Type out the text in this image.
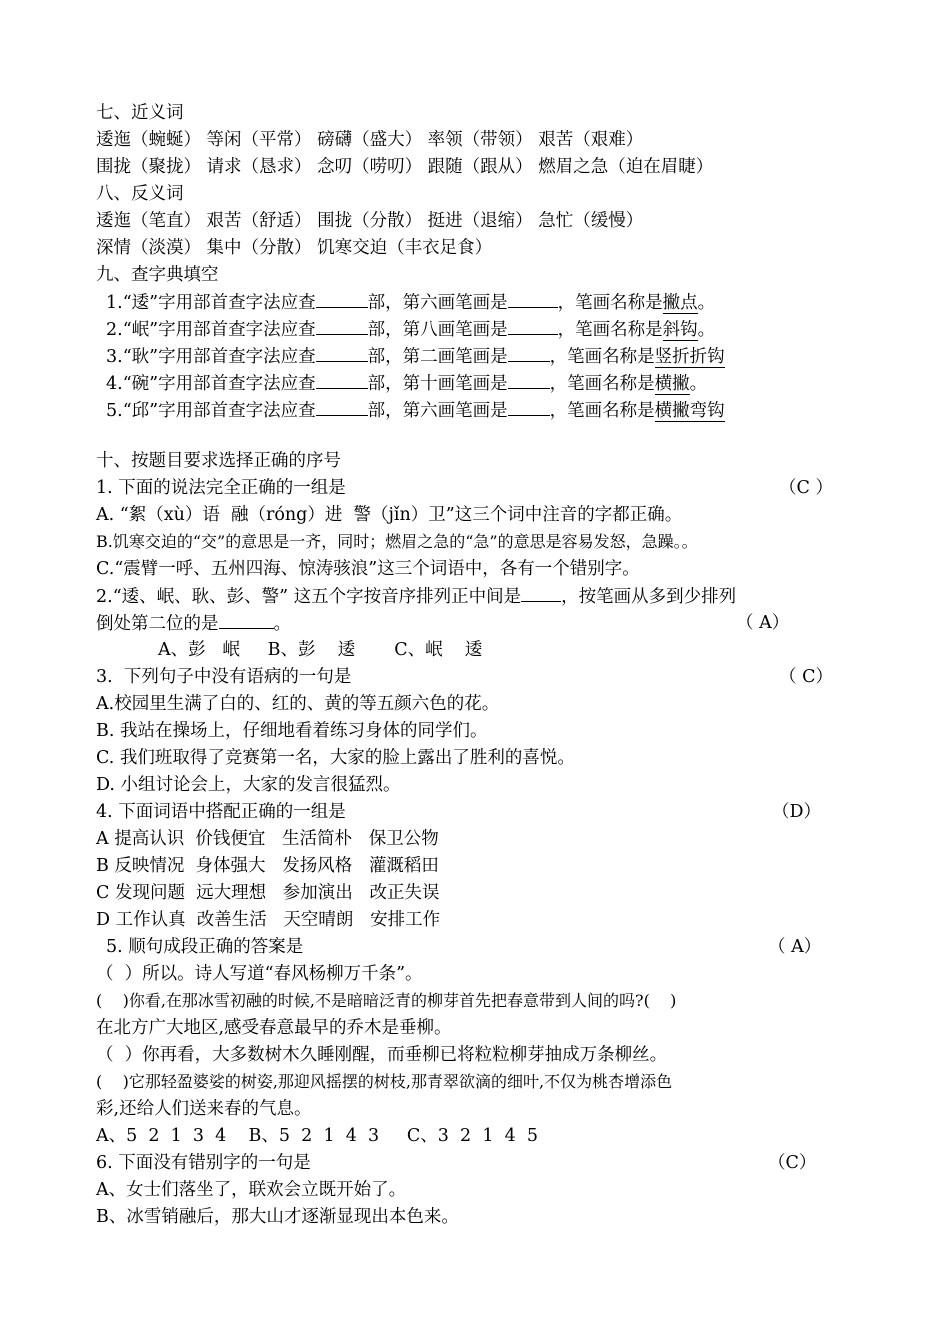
七、近义词
逶迤（蜿蜒） 等闲（平常） 磅礴（盛大） 率领（带领） 艰苦（艰难）
围拢（聚拢） 请求（恳求） 念叨（唠叨） 跟随（跟从） 燃眉之急（迫在眉睫）
八、反义词
逶迤（笔直） 艰苦（舒适） 围拢（分散） 挺进（退缩） 急忙（缓慢）
深情（淡漠） 集中（分散） 饥寒交迫（丰衣足食）
九、查字典填空
1.“逶”字用部首查字法应查	部，第六画笔画是	，笔画名称是撇点。
2.“岷”字用部首查字法应查	部，第八画笔画是	，笔画名称是斜钩。
3.“耿”字用部首查字法应查	部，第二画笔画是 ，笔画名称是竖折折钩
4.“碗”字用部首查字法应查	部，第十画笔画是 ，笔画名称是横撇。
5.“邱”字用部首查字法应查	部，第六画笔画是 ，笔画名称是横撇弯钩
十、按题目要求选择正确的序号
1. 下面的说法完全正确的一组是	（C ）
A. “絮（xù）语  融（róng）进  警（jǐn）卫”这三个词中注音的字都正确。
B.饥寒交迫的“交”的意思是一齐，同时；燃眉之急的“急”的意思是容易发怒，急躁。。
C.“震臂一呼、五州四海、惊涛骇浪”这三个词语中，各有一个错别字。
2.“逶、岷、耿、彭、警” 这五个字按音序排列正中间是 ，按笔画从多到少排列
倒处第二位的是	。	（ A）
A、彭   岷     B、彭    逶       C、岷    逶
3.  下列句子中没有语病的一句是	（ C）
A.校园里生满了白的、红的、黄的等五颜六色的花。
B. 我站在操场上，仔细地看着练习身体的同学们。
C. 我们班取得了竞赛第一名，大家的脸上露出了胜利的喜悦。
D. 小组讨论会上，大家的发言很猛烈。
4. 下面词语中搭配正确的一组是	（D）
A 提高认识  价钱便宜   生活简朴   保卫公物
B 反映情况  身体强大   发扬风格   灌溉稻田
C 发现问题  远大理想   参加演出   改正失误
D 工作认真  改善生活   天空晴朗   安排工作
5. 顺句成段正确的答案是	（ A）
（  ）所以。诗人写道“春风杨柳万千条”。
(    )你看,在那冰雪初融的时候,不是暗暗泛青的柳芽首先把春意带到人间的吗?(    )
在北方广大地区,感受春意最早的乔木是垂柳。
（  ）你再看，大多数树木久睡刚醒，而垂柳已将粒粒柳芽抽成万条柳丝。
(    )它那轻盈婆娑的树姿,那迎风摇摆的树枝,那青翠欲滴的细叶,不仅为桃杏增添色
彩,还给人们送来春的气息。
A、5  2  1  3  4    B、5  2  1  4  3     C、3  2  1  4  5
6. 下面没有错别字的一句是	（C）
A、女士们落坐了，联欢会立既开始了。
B、冰雪销融后，那大山才逐渐显现出本色来。
